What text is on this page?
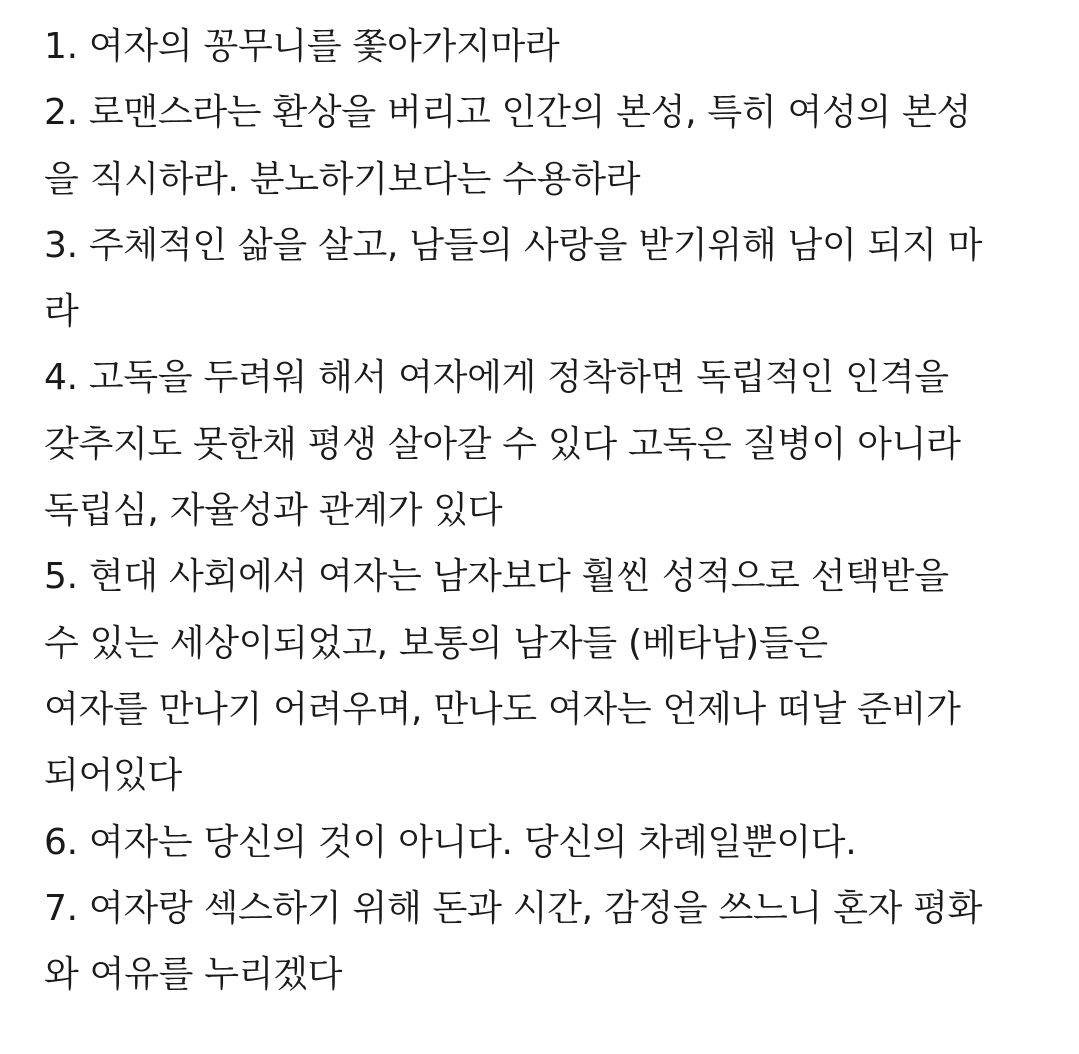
1. 여자의 꽁무니를 쫓아가지마라
2. 로맨스라는 환상을 버리고 인간의 본성, 특히 여성의 본성
을 직시하라. 분노하기보다는 수용하라
3. 주체적인 삶을 살고, 남들의 사랑을 받기위해 남이 되지 마
라
4. 고독을 두려워 해서 여자에게 정착하면 독립적인 인격을
갖추지도 못한채 평생 살아갈 수 있다 고독은 질병이 아니라
독립심, 자율성과 관계가 있다
5. 현대 사회에서 여자는 남자보다 훨씬 성적으로 선택받을
수 있는 세상이되었고, 보통의 남자들 (베타남)들은
여자를 만나기 어려우며, 만나도 여자는 언제나 떠날 준비가
되어있다
6. 여자는 당신의 것이 아니다. 당신의 차례일뿐이다.
7. 여자랑 섹스하기 위해 돈과 시간, 감정을 쓰느니 혼자 평화
와 여유를 누리겠다
